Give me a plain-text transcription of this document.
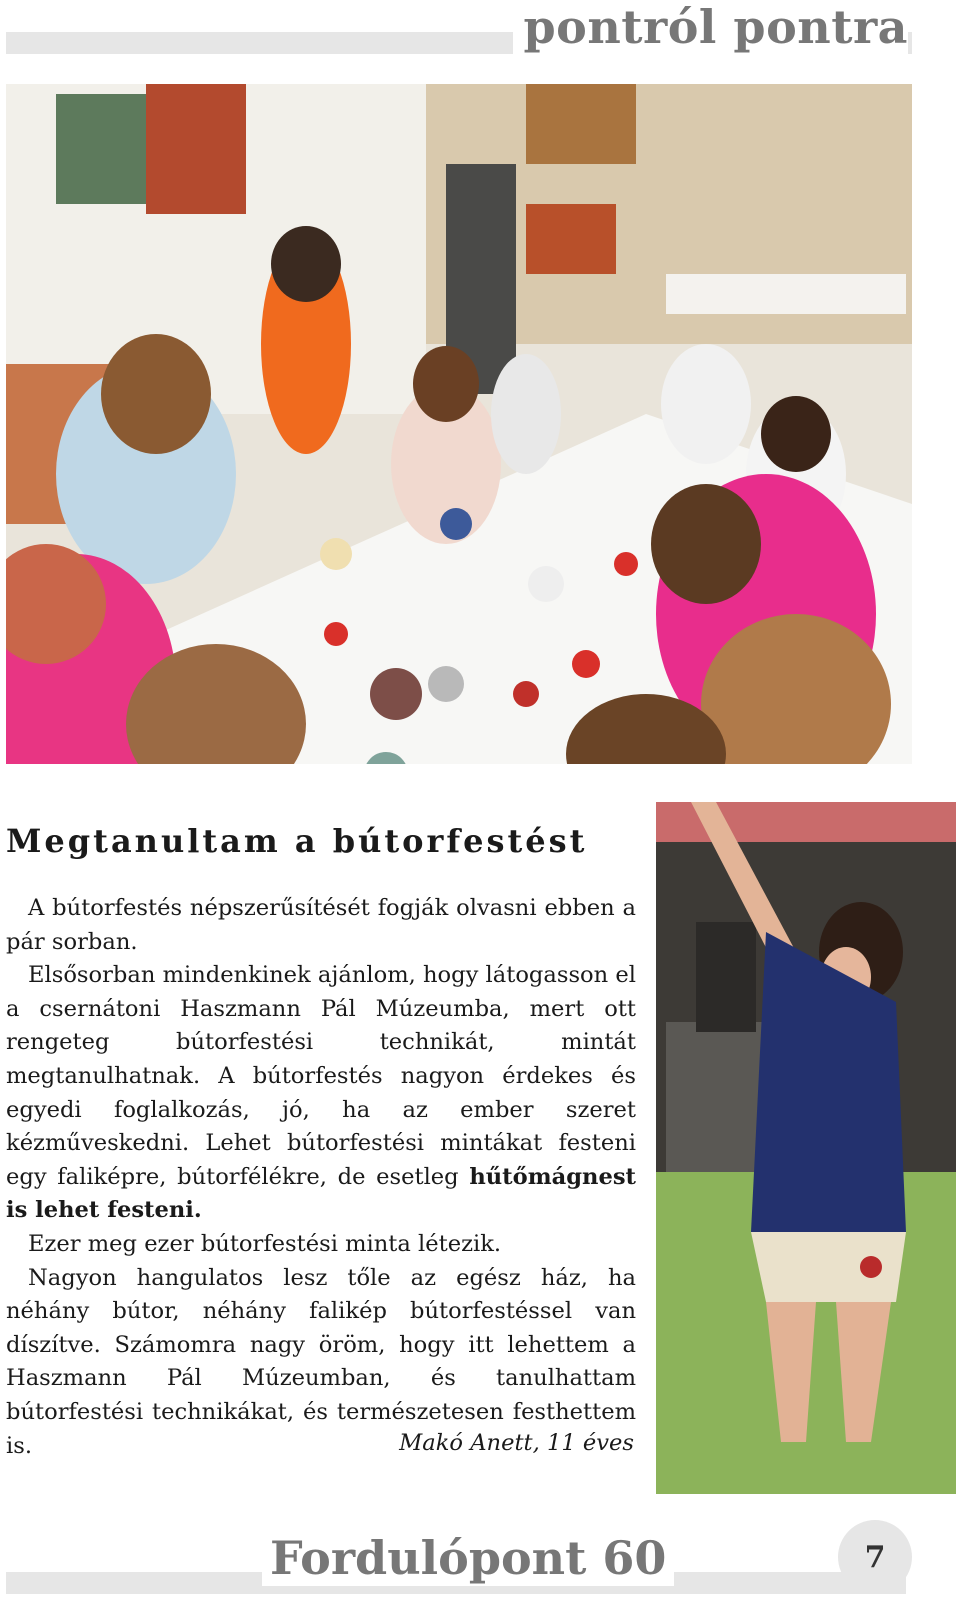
pontról pontra
Megtanultam a bútorfestést

A bútorfestés népszerűsítését fogják olvasni ebben a pár sorban.

Elsősorban mindenkinek ajánlom, hogy látogasson el a csernátoni Haszmann Pál Múzeumba, mert ott rengeteg bútorfestési technikát, mintát megtanulhatnak. A bútorfestés nagyon érdekes és egyedi foglalkozás, jó, ha az ember szeret kézművеskedni. Lehet bútorfestési mintákat festeni egy faliképre, bútorfélékre, de esetleg hűtőmágnest is lehet festeni.

Ezer meg ezer bútorfestési minta létezik.

Nagyon hangulatos lesz tőle az egész ház, ha néhány bútor, néhány falikép bútorfestéssel van díszítve. Számomra nagy öröm, hogy itt lehettem a Haszmann Pál Múzeumban, és tanulhattam bútorfestési technikákat, és természetesen festhettem is.	Makó Anett, 11 éves
Fordulópont 60	7
